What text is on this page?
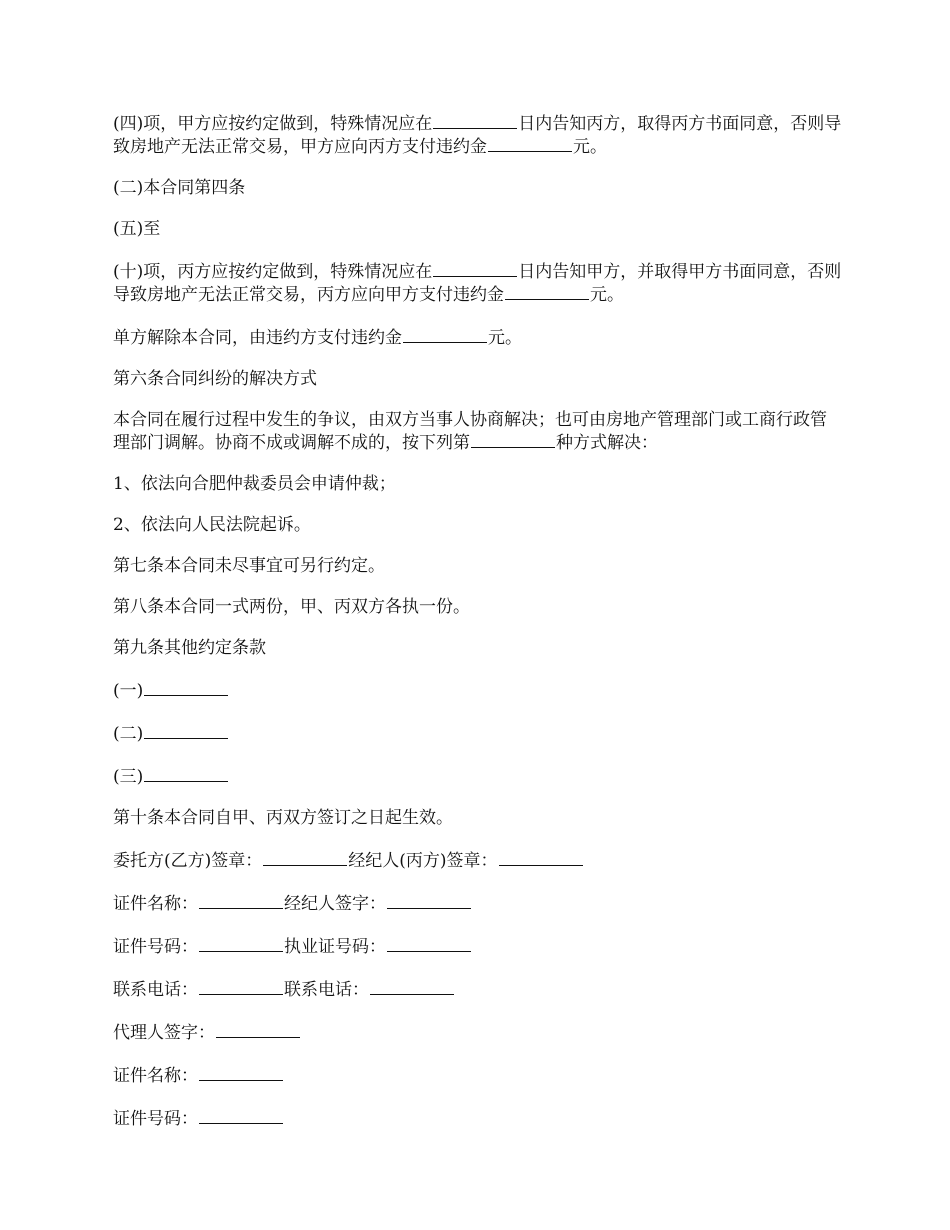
(四)项，甲方应按约定做到，特殊情况应在	日内告知丙方，取得丙方书面同意，否则导致房地产无法正常交易，甲方应向丙方支付违约金	元。

(二)本合同第四条

(五)至

(十)项，丙方应按约定做到，特殊情况应在	日内告知甲方，并取得甲方书面同意，否则导致房地产无法正常交易，丙方应向甲方支付违约金	元。

单方解除本合同，由违约方支付违约金	元。

第六条合同纠纷的解决方式

本合同在履行过程中发生的争议，由双方当事人协商解决；也可由房地产管理部门或工商行政管理部门调解。协商不成或调解不成的，按下列第	种方式解决：

1、依法向合肥仲裁委员会申请仲裁；

2、依法向人民法院起诉。

第七条本合同未尽事宜可另行约定。

第八条本合同一式两份，甲、丙双方各执一份。

第九条其他约定条款

(一)

(二)

(三)

第十条本合同自甲、丙双方签订之日起生效。

委托方(乙方)签章：	经纪人(丙方)签章：

证件名称：	经纪人签字：

证件号码：	执业证号码：

联系电话：	联系电话：

代理人签字：

证件名称：

证件号码：
